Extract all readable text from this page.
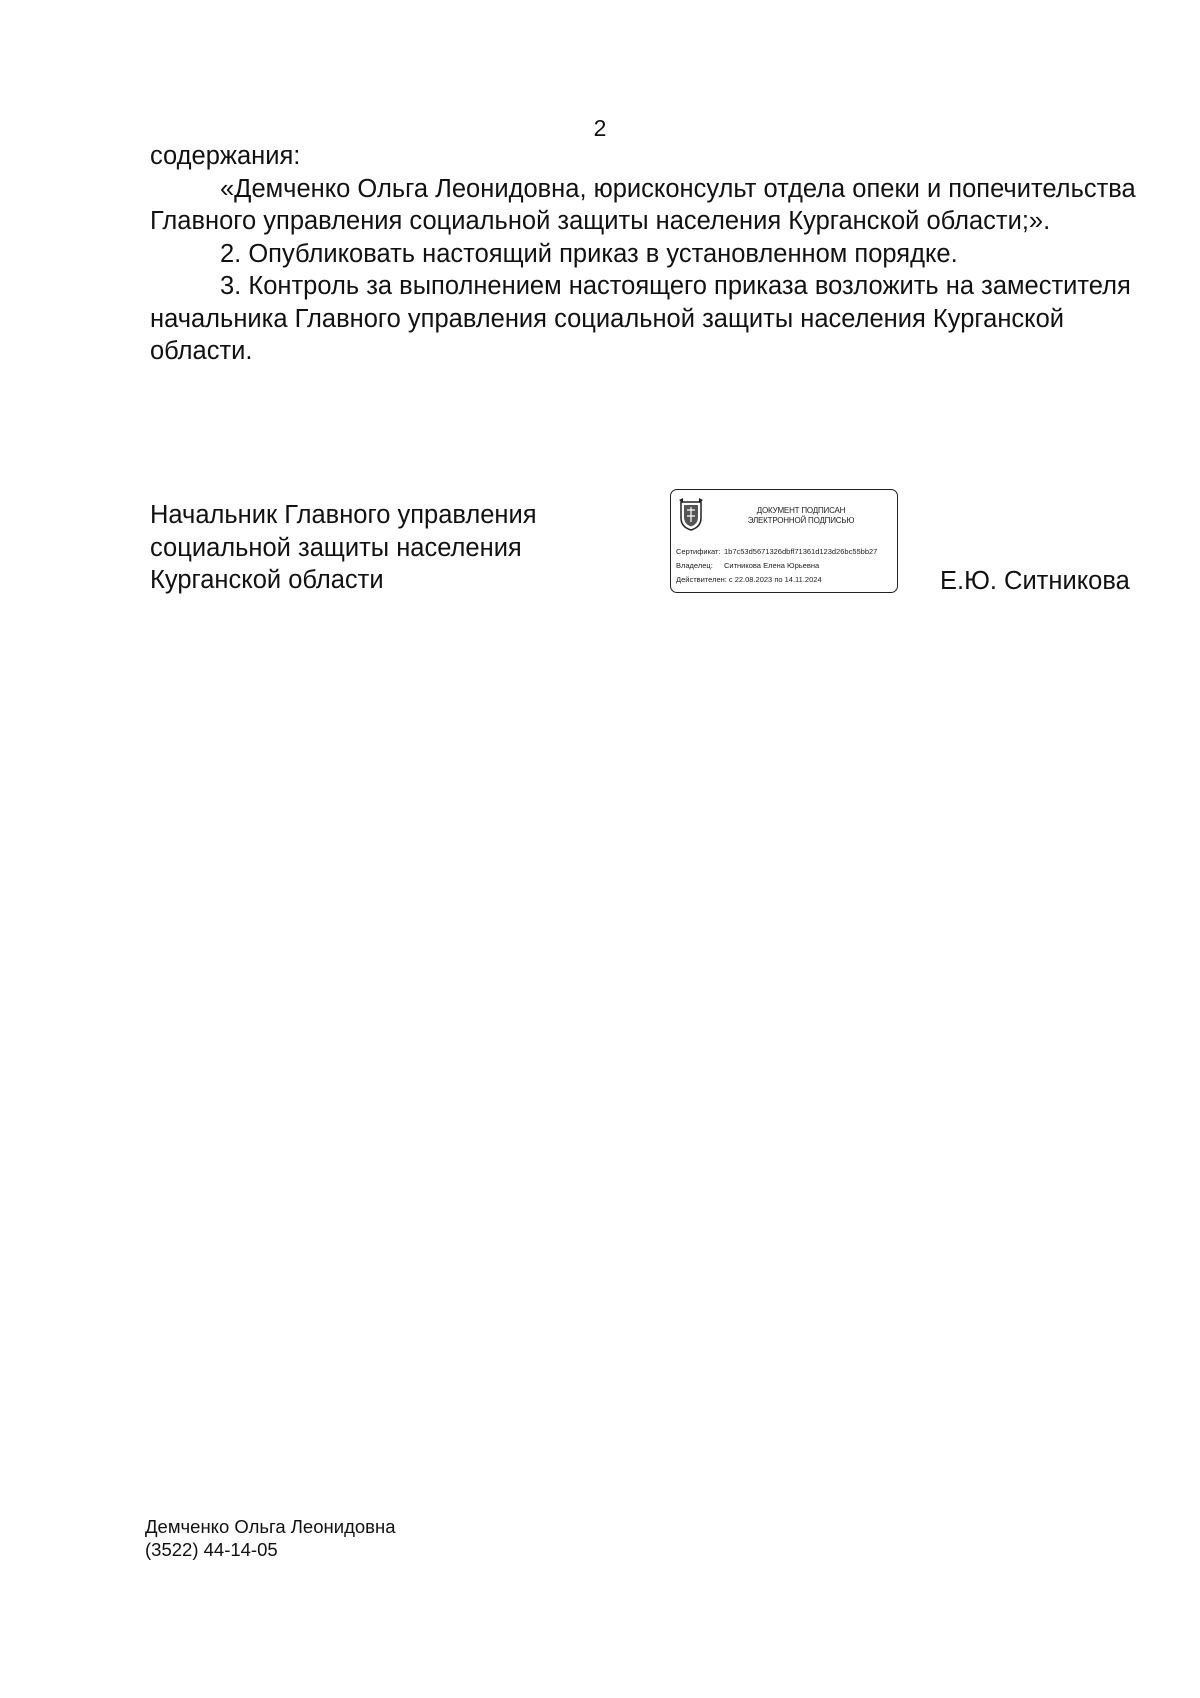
2

содержания:

«Демченко Ольга Леонидовна, юрисконсульт отдела опеки и попечительства Главного управления социальной защиты населения Курганской области;».

2. Опубликовать настоящий приказ в установленном порядке.

3. Контроль за выполнением настоящего приказа возложить на заместителя начальника Главного управления социальной защиты населения Курганской области.

Начальник Главного управления
социальной защиты населения
Курганской области
ДОКУМЕНТ ПОДПИСАН
ЭЛЕКТРОННОЙ ПОДПИСЬЮ
Сертификат: 1b7c53d5671326dbff71361d123d26bc55bb27
Владелец:	Ситникова Елена Юрьевна
Действителен: с 22.08.2023 по 14.11.2024	Е.Ю. Ситникова
Демченко Ольга Леонидовна
(3522) 44-14-05
